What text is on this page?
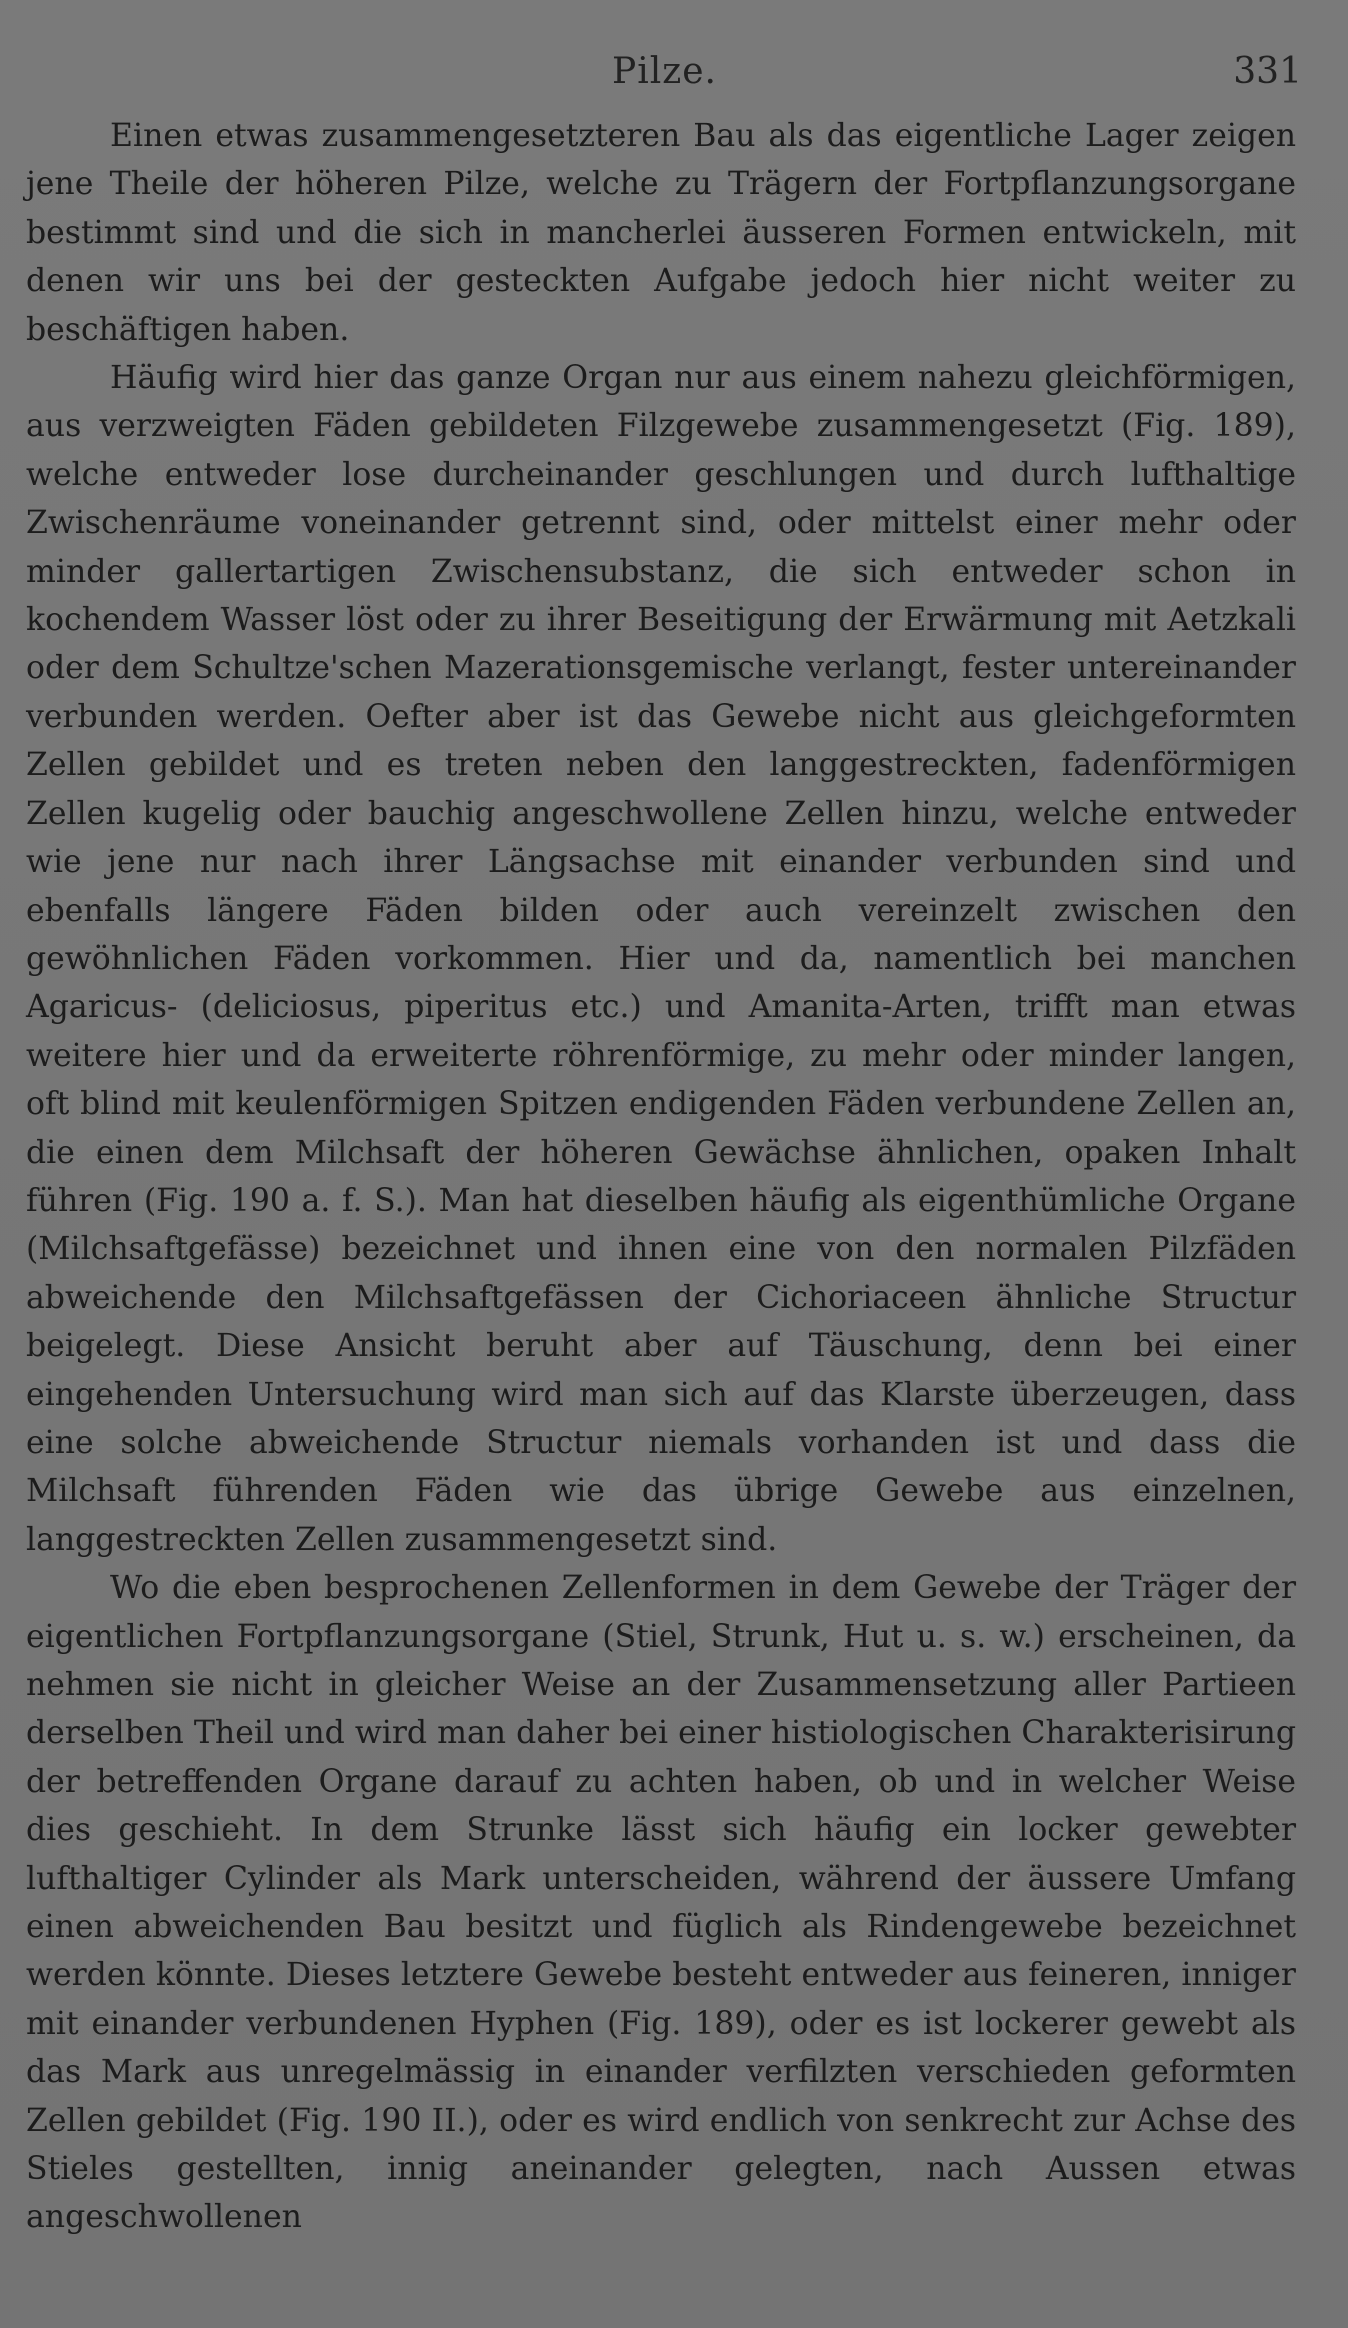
Pilze.	331

Einen etwas zusammengesetzteren Bau als das eigentliche Lager zeigen jene Theile der höheren Pilze, welche zu Trägern der Fortpflanzungsorgane bestimmt sind und die sich in mancherlei äusseren Formen entwickeln, mit denen wir uns bei der gesteckten Aufgabe jedoch hier nicht weiter zu beschäftigen haben.

Häufig wird hier das ganze Organ nur aus einem nahezu gleichförmigen, aus verzweigten Fäden gebildeten Filzgewebe zusammengesetzt (Fig. 189), welche entweder lose durcheinander geschlungen und durch lufthaltige Zwischenräume voneinander getrennt sind, oder mittelst einer mehr oder minder gallertartigen Zwischensubstanz, die sich entweder schon in kochendem Wasser löst oder zu ihrer Beseitigung der Erwärmung mit Aetzkali oder dem Schultze'schen Mazerationsgemische verlangt, fester untereinander verbunden werden. Oefter aber ist das Gewebe nicht aus gleichgeformten Zellen gebildet und es treten neben den langgestreckten, fadenförmigen Zellen kugelig oder bauchig angeschwollene Zellen hinzu, welche entweder wie jene nur nach ihrer Längsachse mit einander verbunden sind und ebenfalls längere Fäden bilden oder auch vereinzelt zwischen den gewöhnlichen Fäden vorkommen. Hier und da, namentlich bei manchen Agaricus- (deliciosus, piperitus etc.) und Amanita-Arten, trifft man etwas weitere hier und da erweiterte röhrenförmige, zu mehr oder minder langen, oft blind mit keulenförmigen Spitzen endigenden Fäden verbundene Zellen an, die einen dem Milchsaft der höheren Gewächse ähnlichen, opaken Inhalt führen (Fig. 190 a. f. S.). Man hat dieselben häufig als eigenthümliche Organe (Milchsaftgefässe) bezeichnet und ihnen eine von den normalen Pilzfäden abweichende den Milchsaftgefässen der Cichoriaceen ähnliche Structur beigelegt. Diese Ansicht beruht aber auf Täuschung, denn bei einer eingehenden Untersuchung wird man sich auf das Klarste überzeugen, dass eine solche abweichende Structur niemals vorhanden ist und dass die Milchsaft führenden Fäden wie das übrige Gewebe aus einzelnen, langgestreckten Zellen zusammengesetzt sind.

Wo die eben besprochenen Zellenformen in dem Gewebe der Träger der eigentlichen Fortpflanzungsorgane (Stiel, Strunk, Hut u. s. w.) erscheinen, da nehmen sie nicht in gleicher Weise an der Zusammensetzung aller Partieen derselben Theil und wird man daher bei einer histiologischen Charakterisirung der betreffenden Organe darauf zu achten haben, ob und in welcher Weise dies geschieht. In dem Strunke lässt sich häufig ein locker gewebter lufthaltiger Cylinder als Mark unterscheiden, während der äussere Umfang einen abweichenden Bau besitzt und füglich als Rindengewebe bezeichnet werden könnte. Dieses letztere Gewebe besteht entweder aus feineren, inniger mit einander verbundenen Hyphen (Fig. 189), oder es ist lockerer gewebt als das Mark aus unregelmässig in einander verfilzten verschieden geformten Zellen gebildet (Fig. 190 II.), oder es wird endlich von senkrecht zur Achse des Stieles gestellten, innig aneinander gelegten, nach Aussen etwas angeschwollenen
